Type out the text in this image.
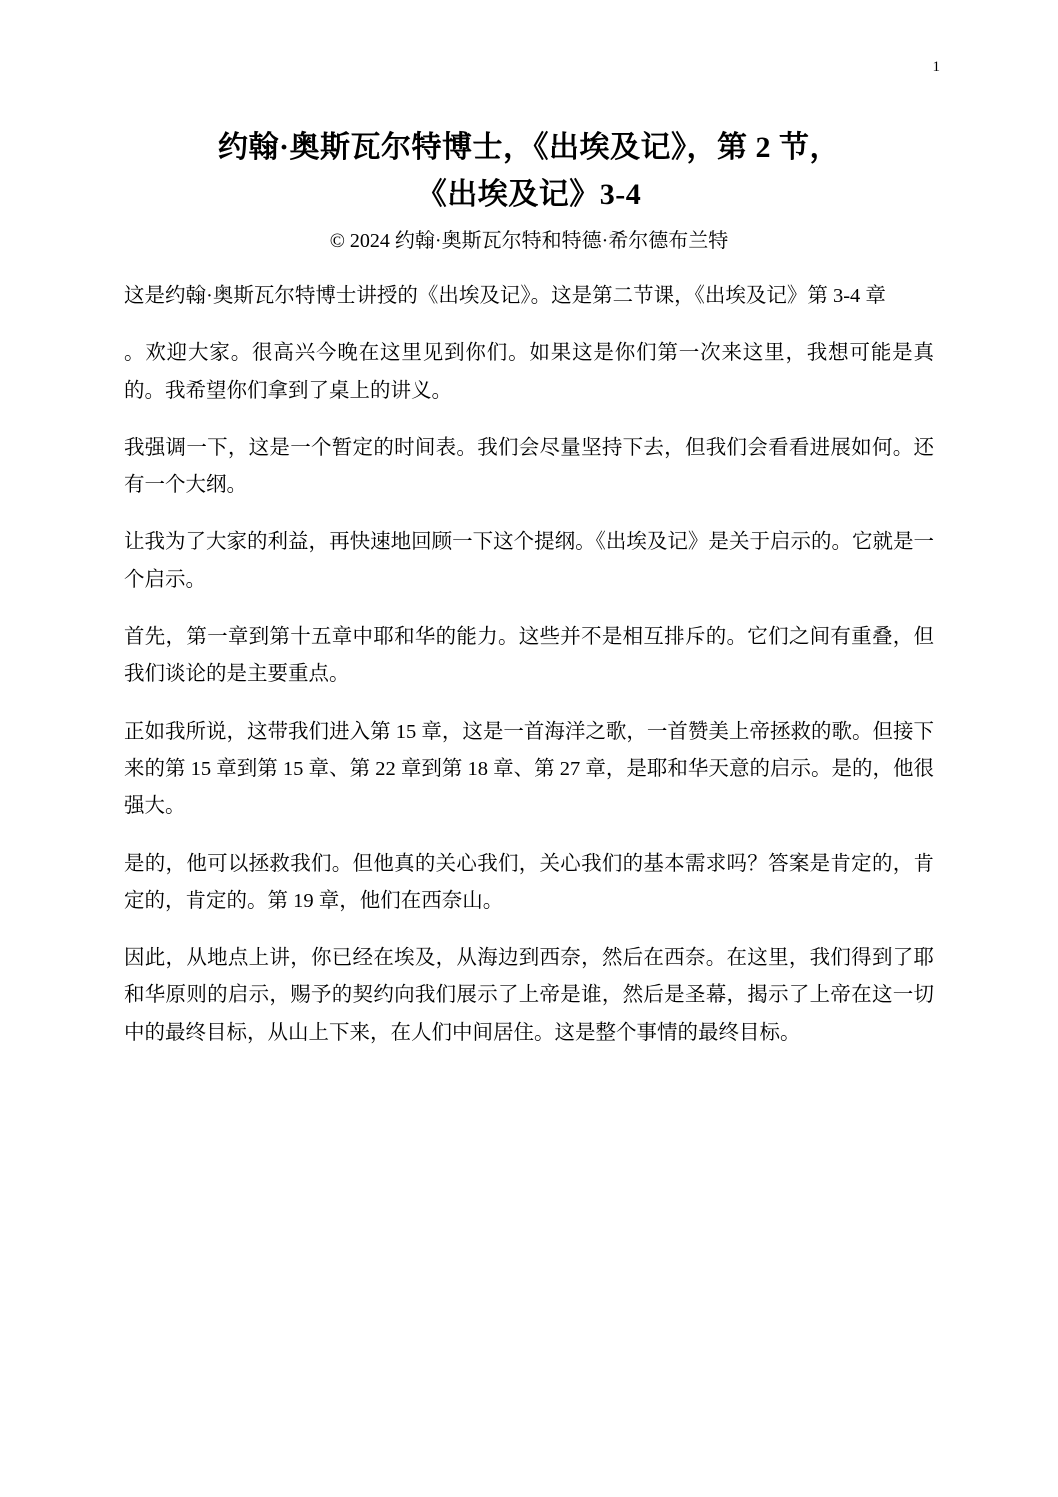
1
约翰·奥斯瓦尔特博士，《出埃及记》，第 2 节，
《出埃及记》3-4
© 2024 约翰·奥斯瓦尔特和特德·希尔德布兰特

这是约翰·奥斯瓦尔特博士讲授的《出埃及记》。这是第二节课，《出埃及记》第 3-4 章

。欢迎大家。很高兴今晚在这里见到你们。如果这是你们第一次来这里，我想可能是真的。我希望你们拿到了桌上的讲义。

我强调一下，这是一个暂定的时间表。我们会尽量坚持下去，但我们会看看进展如何。还有一个大纲。

让我为了大家的利益，再快速地回顾一下这个提纲。《出埃及记》是关于启示的。它就是一个启示。

首先，第一章到第十五章中耶和华的能力。这些并不是相互排斥的。它们之间有重叠，但我们谈论的是主要重点。

正如我所说，这带我们进入第 15 章，这是一首海洋之歌，一首赞美上帝拯救的歌。但接下来的第 15 章到第 15 章、第 22 章到第 18 章、第 27 章，是耶和华天意的启示。是的，他很强大。

是的，他可以拯救我们。但他真的关心我们，关心我们的基本需求吗？答案是肯定的，肯定的，肯定的。第 19 章，他们在西奈山。

因此，从地点上讲，你已经在埃及，从海边到西奈，然后在西奈。在这里，我们得到了耶和华原则的启示，赐予的契约向我们展示了上帝是谁，然后是圣幕，揭示了上帝在这一切中的最终目标，从山上下来，在人们中间居住。这是整个事情的最终目标。
